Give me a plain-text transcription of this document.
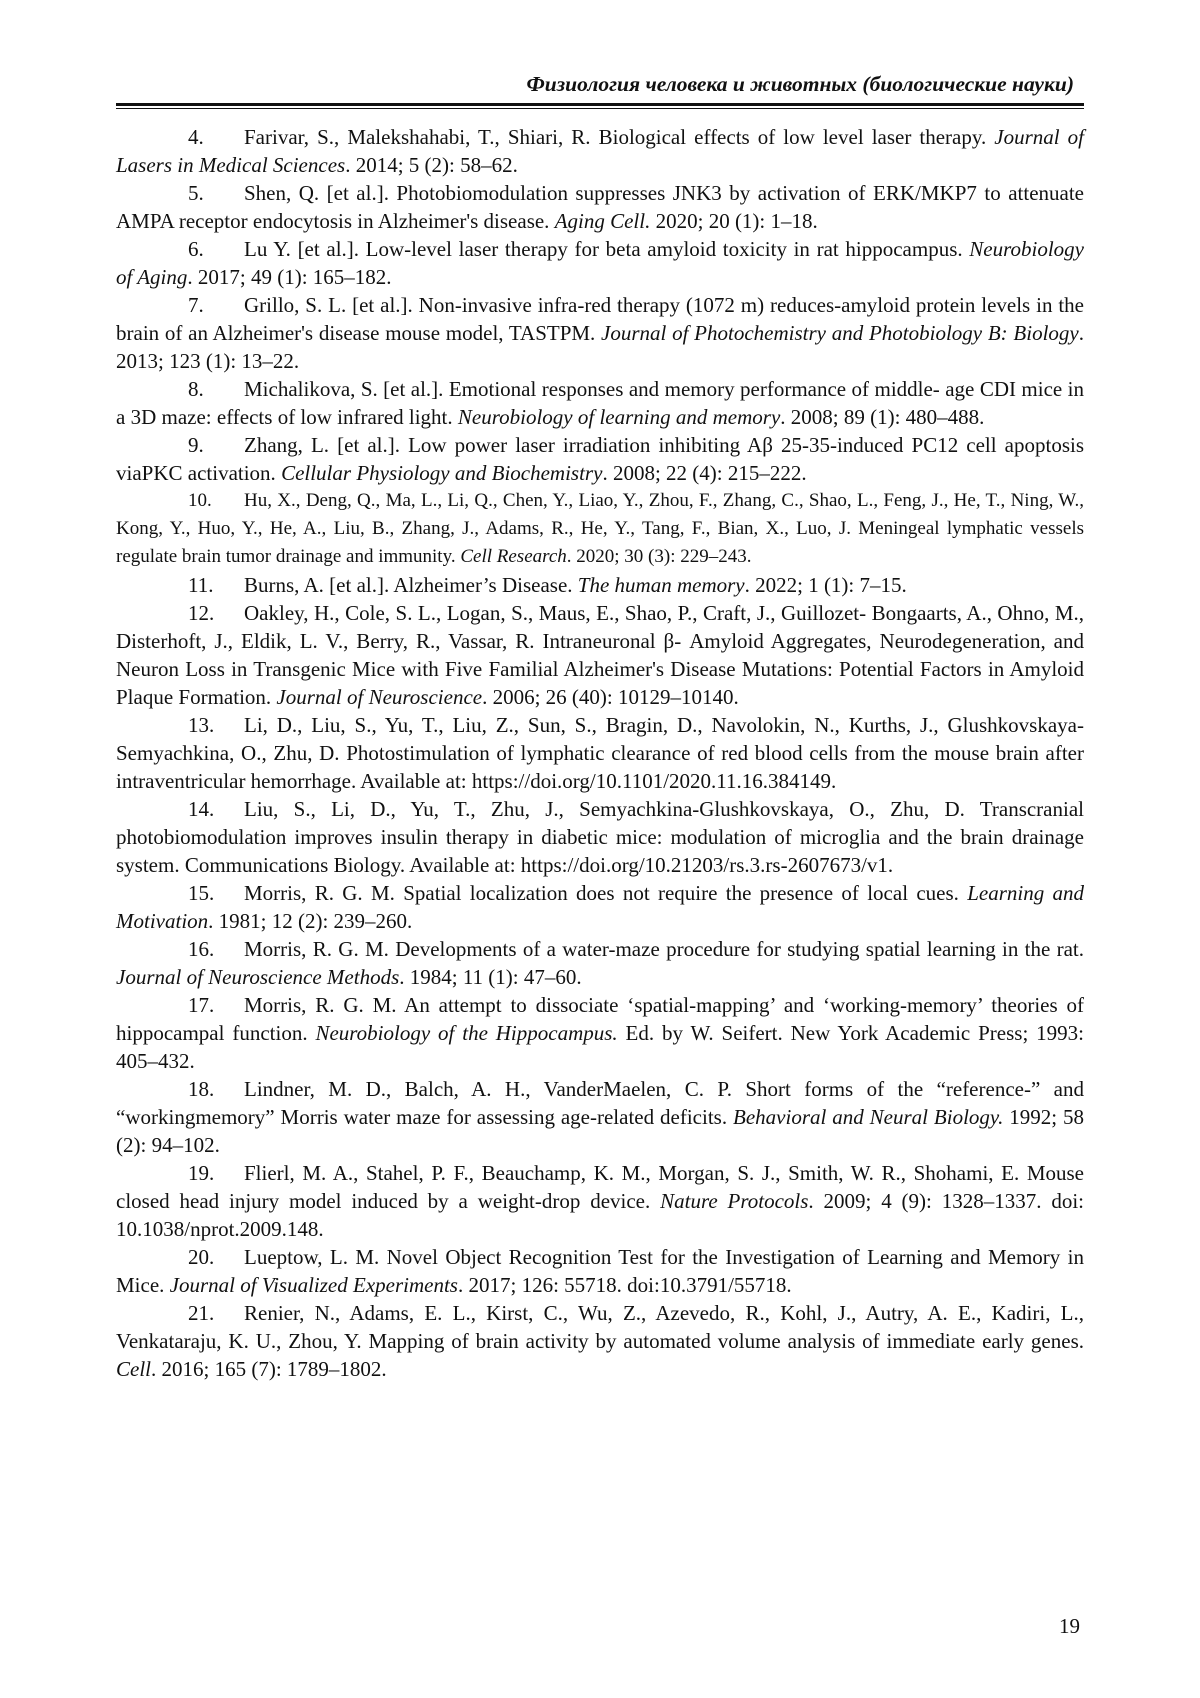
Физиология человека и животных (биологические науки)

4. Farivar, S., Malekshahabi, T., Shiari, R. Biological effects of low level laser therapy. Journal of Lasers in Medical Sciences. 2014; 5 (2): 58–62.

5. Shen, Q. [et al.]. Photobiomodulation suppresses JNK3 by activation of ERK/MKP7 to attenuate AMPA receptor endocytosis in Alzheimer's disease. Aging Cell. 2020; 20 (1): 1–18.

6. Lu Y. [et al.]. Low-level laser therapy for beta amyloid toxicity in rat hippocampus. Neurobiology of Aging. 2017; 49 (1): 165–182.

7. Grillo, S. L. [et al.]. Non-invasive infra-red therapy (1072 m) reduces-amyloid protein levels in the brain of an Alzheimer's disease mouse model, TASTPM. Journal of Photochemistry and Photobiology B: Biology. 2013; 123 (1): 13–22.

8. Michalikova, S. [et al.]. Emotional responses and memory performance of middle- age CDI mice in a 3D maze: effects of low infrared light. Neurobiology of learning and memory. 2008; 89 (1): 480–488.

9. Zhang, L. [et al.]. Low power laser irradiation inhibiting Aβ 25-35-induced PC12 cell apoptosis viaPKC activation. Cellular Physiology and Biochemistry. 2008; 22 (4): 215–222.

10. Hu, X., Deng, Q., Ma, L., Li, Q., Chen, Y., Liao, Y., Zhou, F., Zhang, C., Shao, L., Feng, J., He, T., Ning, W., Kong, Y., Huo, Y., He, A., Liu, B., Zhang, J., Adams, R., He, Y., Tang, F., Bian, X., Luo, J. Meningeal lymphatic vessels regulate brain tumor drainage and immunity. Cell Research. 2020; 30 (3): 229–243.

11. Burns, A. [et al.]. Alzheimer’s Disease. The human memory. 2022; 1 (1): 7–15.

12. Oakley, H., Cole, S. L., Logan, S., Maus, E., Shao, P., Craft, J., Guillozet- Bongaarts, A., Ohno, M., Disterhoft, J., Eldik, L. V., Berry, R., Vassar, R. Intraneuronal β- Amyloid Aggregates, Neurodegeneration, and Neuron Loss in Transgenic Mice with Five Familial Alzheimer's Disease Mutations: Potential Factors in Amyloid Plaque Formation. Journal of Neuroscience. 2006; 26 (40): 10129–10140.

13. Li, D., Liu, S., Yu, T., Liu, Z., Sun, S., Bragin, D., Navolokin, N., Kurths, J., Glushkovskaya-Semyachkina, O., Zhu, D. Photostimulation of lymphatic clearance of red blood cells from the mouse brain after intraventricular hemorrhage. Available at: https://doi.org/10.1101/2020.11.16.384149.

14. Liu, S., Li, D., Yu, T., Zhu, J., Semyachkina-Glushkovskaya, O., Zhu, D. Transcranial photobiomodulation improves insulin therapy in diabetic mice: modulation of microglia and the brain drainage system. Communications Biology. Available at: https://doi.org/10.21203/rs.3.rs-2607673/v1.

15. Morris, R. G. M. Spatial localization does not require the presence of local cues. Learning and Motivation. 1981; 12 (2): 239–260.

16. Morris, R. G. M. Developments of a water-maze procedure for studying spatial learning in the rat. Journal of Neuroscience Methods. 1984; 11 (1): 47–60.

17. Morris, R. G. M. An attempt to dissociate ‘spatial-mapping’ and ‘working-memory’ theories of hippocampal function. Neurobiology of the Hippocampus. Ed. by W. Seifert. New York Academic Press; 1993: 405–432.

18. Lindner, M. D., Balch, A. H., VanderMaelen, C. P. Short forms of the “reference-” and “workingmemory” Morris water maze for assessing age-related deficits. Behavioral and Neural Biology. 1992; 58 (2): 94–102.

19. Flierl, M. A., Stahel, P. F., Beauchamp, K. M., Morgan, S. J., Smith, W. R., Shohami, E. Mouse closed head injury model induced by a weight-drop device. Nature Protocols. 2009; 4 (9): 1328–1337. doi: 10.1038/nprot.2009.148.

20. Lueptow, L. M. Novel Object Recognition Test for the Investigation of Learning and Memory in Mice. Journal of Visualized Experiments. 2017; 126: 55718. doi:10.3791/55718.

21. Renier, N., Adams, E. L., Kirst, C., Wu, Z., Azevedo, R., Kohl, J., Autry, A. E., Kadiri, L., Venkataraju, K. U., Zhou, Y. Mapping of brain activity by automated volume analysis of immediate early genes. Cell. 2016; 165 (7): 1789–1802.

19
